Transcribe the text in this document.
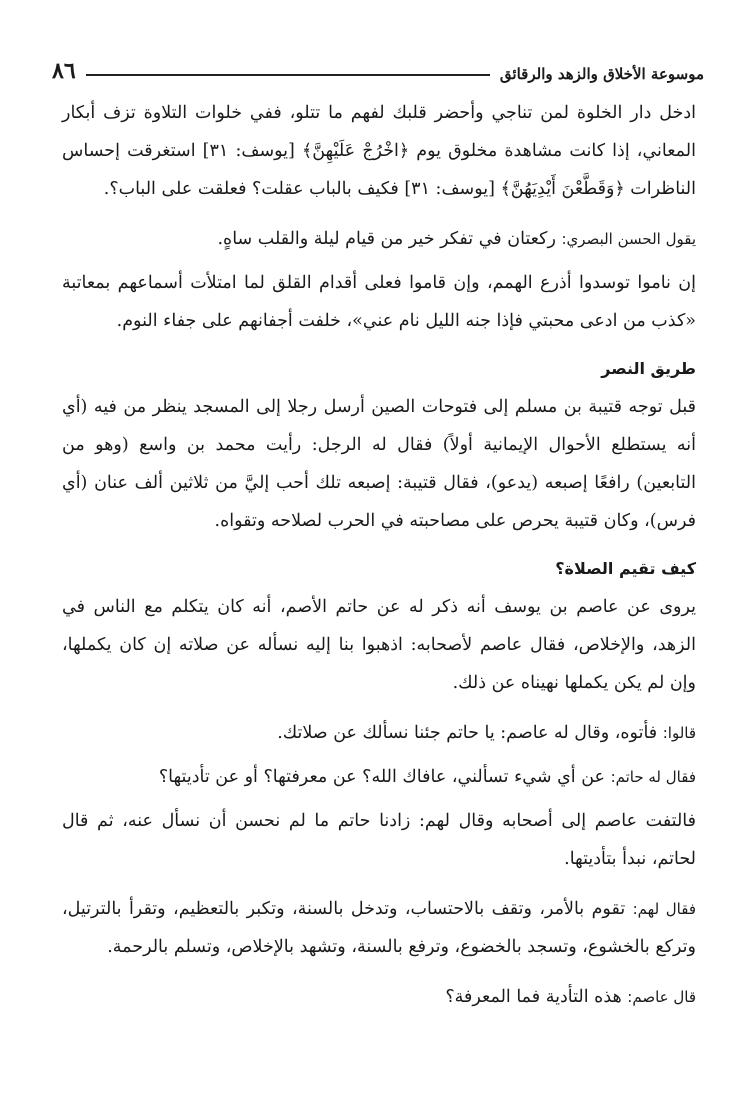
٨٦	موسوعة الأخلاق والزهد والرقائق

ادخل دار الخلوة لمن تناجي وأحضر قلبك لفهم ما تتلو، ففي خلوات التلاوة تزف أبكار المعاني، إذا كانت مشاهدة مخلوق يوم ﴿اخْرُجْ عَلَيْهِنَّ﴾ [يوسف: ٣١] استغرقت إحساس الناظرات ﴿وَقَطَّعْنَ أَيْدِيَهُنَّ﴾ [يوسف: ٣١] فكيف بالباب عقلت؟ فعلقت على الباب؟.

يقول الحسن البصري: ركعتان في تفكر خير من قيام ليلة والقلب ساهٍ.

إن ناموا توسدوا أذرع الهمم، وإن قاموا فعلى أقدام القلق لما امتلأت أسماعهم بمعاتبة «كذب من ادعى محبتي فإذا جنه الليل نام عني»، خلفت أجفانهم على جفاء النوم.

طريق النصر

قبل توجه قتيبة بن مسلم إلى فتوحات الصين أرسل رجلا إلى المسجد ينظر من فيه (أي أنه يستطلع الأحوال الإيمانية أولاً) فقال له الرجل: رأيت محمد بن واسع (وهو من التابعين) رافعًا إصبعه (يدعو)، فقال قتيبة: إصبعه تلك أحب إليَّ من ثلاثين ألف عنان (أي فرس)، وكان قتيبة يحرص على مصاحبته في الحرب لصلاحه وتقواه.

كيف تقيم الصلاة؟

يروى عن عاصم بن يوسف أنه ذكر له عن حاتم الأصم، أنه كان يتكلم مع الناس في الزهد، والإخلاص، فقال عاصم لأصحابه: اذهبوا بنا إليه نسأله عن صلاته إن كان يكملها، وإن لم يكن يكملها نهيناه عن ذلك.

قالوا: فأتوه، وقال له عاصم: يا حاتم جئنا نسألك عن صلاتك.

فقال له حاتم: عن أي شيء تسألني، عافاك الله؟ عن معرفتها؟ أو عن تأديتها؟

فالتفت عاصم إلى أصحابه وقال لهم: زادنا حاتم ما لم نحسن أن نسأل عنه، ثم قال لحاتم، نبدأ بتأديتها.

فقال لهم: تقوم بالأمر، وتقف بالاحتساب، وتدخل بالسنة، وتكبر بالتعظيم، وتقرأ بالترتيل، وتركع بالخشوع، وتسجد بالخضوع، وترفع بالسنة، وتشهد بالإخلاص، وتسلم بالرحمة.

قال عاصم: هذه التأدية فما المعرفة؟
